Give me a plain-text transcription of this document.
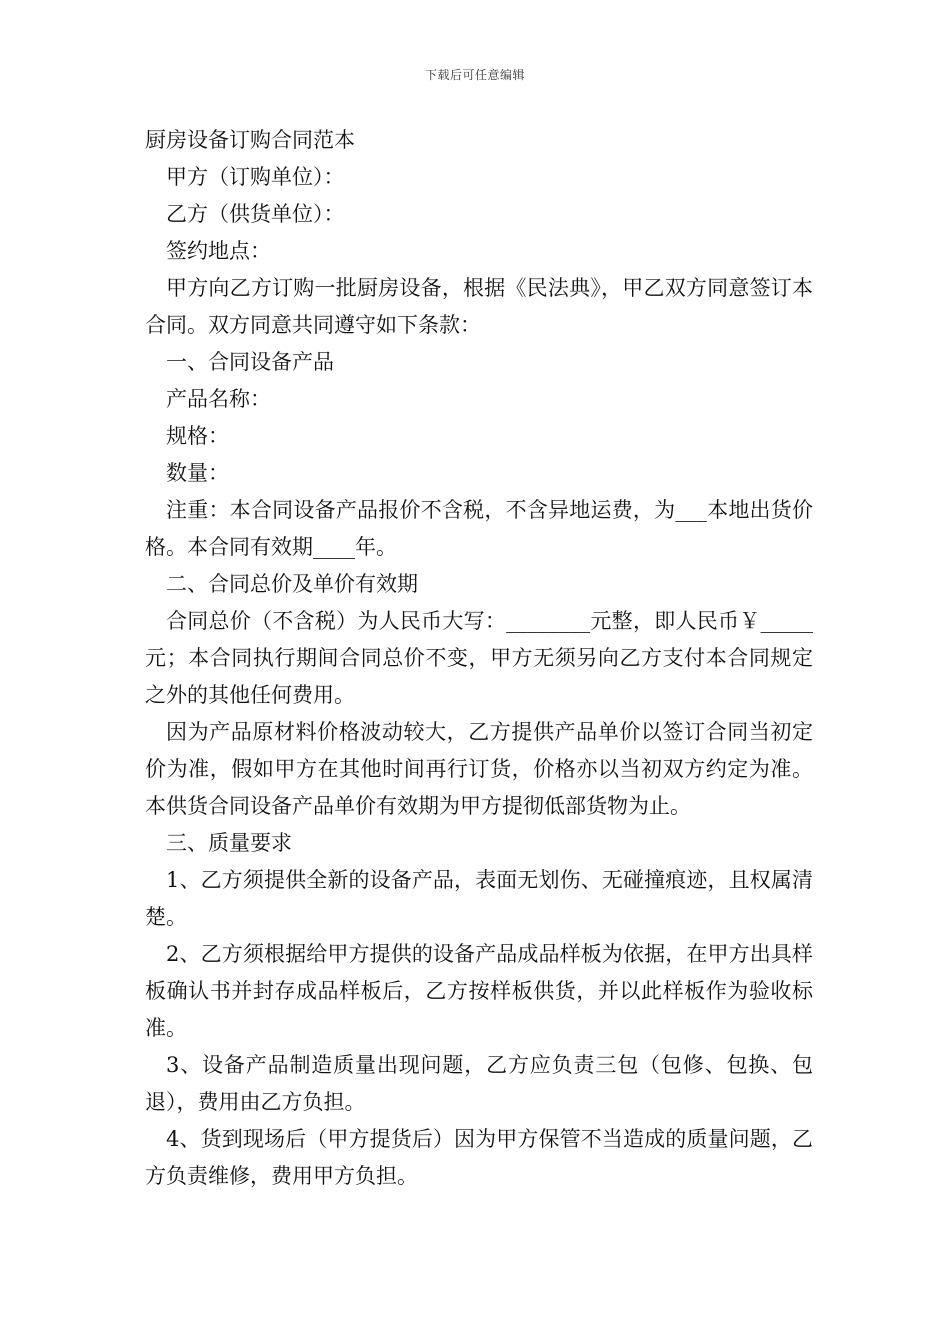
下载后可任意编辑

厨房设备订购合同范本

甲方（订购单位）：

乙方（供货单位）：

签约地点：

甲方向乙方订购一批厨房设备，根据《民法典》，甲乙双方同意签订本合同。双方同意共同遵守如下条款：

一、合同设备产品

产品名称：

规格：

数量：

注重：本合同设备产品报价不含税，不含异地运费，为___本地出货价格。本合同有效期____年。

二、合同总价及单价有效期

合同总价（不含税）为人民币大写：________元整，即人民币￥_____元；本合同执行期间合同总价不变，甲方无须另向乙方支付本合同规定之外的其他任何费用。

因为产品原材料价格波动较大，乙方提供产品单价以签订合同当初定价为准，假如甲方在其他时间再行订货，价格亦以当初双方约定为准。本供货合同设备产品单价有效期为甲方提彻低部货物为止。

三、质量要求

1、乙方须提供全新的设备产品，表面无划伤、无碰撞痕迹，且权属清楚。

2、乙方须根据给甲方提供的设备产品成品样板为依据，在甲方出具样板确认书并封存成品样板后，乙方按样板供货，并以此样板作为验收标准。

3、设备产品制造质量出现问题，乙方应负责三包（包修、包换、包退），费用由乙方负担。

4、货到现场后（甲方提货后）因为甲方保管不当造成的质量问题，乙方负责维修，费用甲方负担。
